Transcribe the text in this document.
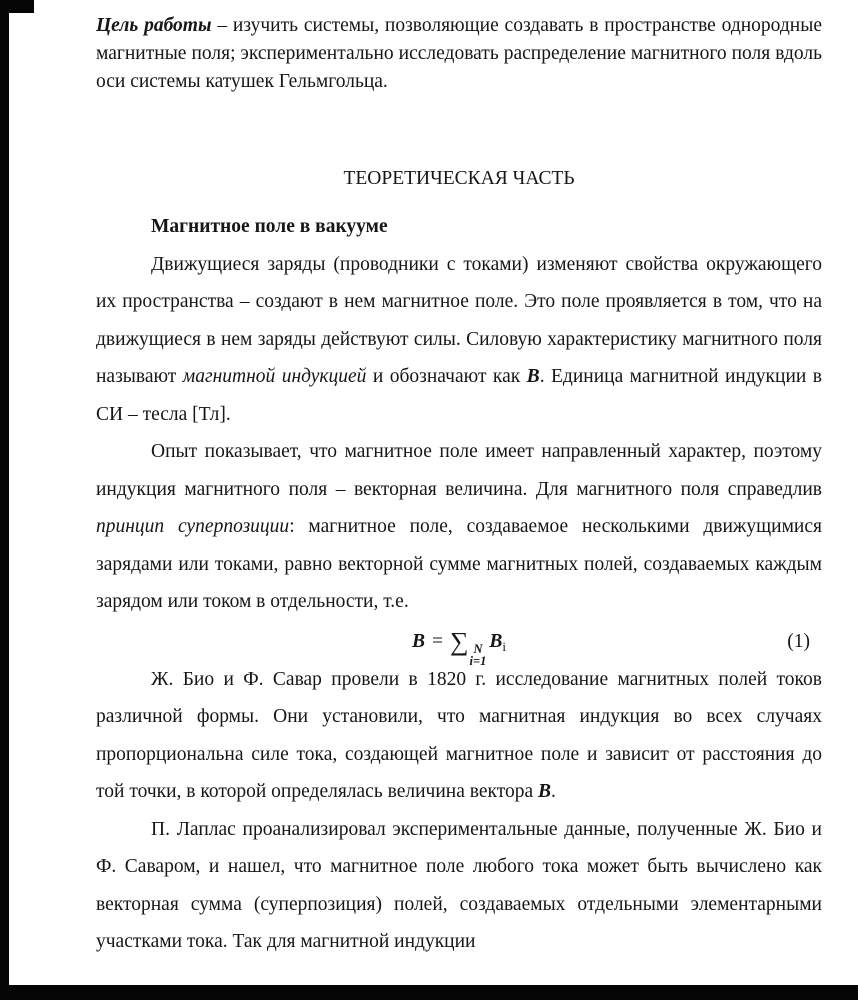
Цель работы – изучить системы, позволяющие создавать в пространстве однородные магнитные поля; экспериментально исследовать распределение магнитного поля вдоль оси системы катушек Гельмгольца.

ТЕОРЕТИЧЕСКАЯ ЧАСТЬ
Магнитное поле в вакууме

Движущиеся заряды (проводники с токами) изменяют свойства окружающего их пространства – создают в нем магнитное поле. Это поле проявляется в том, что на движущиеся в нем заряды действуют силы. Силовую характеристику магнитного поля называют магнитной индукцией и обозначают как В. Единица магнитной индукции в СИ – тесла [Тл].

Опыт показывает, что магнитное поле имеет направленный характер, поэтому индукция магнитного поля – векторная величина. Для магнитного поля справедлив принцип суперпозиции: магнитное поле, создаваемое несколькими движущимися зарядами или токами, равно векторной сумме магнитных полей, создаваемых каждым зарядом или током в отдельности, т.е.

B = ∑ N
i=1
$B_i$	(1)

Ж. Био и Ф. Савар провели в 1820 г. исследование магнитных полей токов различной формы. Они установили, что магнитная индукция во всех случаях пропорциональна силе тока, создающей магнитное поле и зависит от расстояния до той точки, в которой определялась величина вектора В.

П. Лаплас проанализировал экспериментальные данные, полученные Ж. Био и Ф. Саваром, и нашел, что магнитное поле любого тока может быть вычислено как векторная сумма (суперпозиция) полей, создаваемых отдельными элементарными участками тока. Так для магнитной индукции
